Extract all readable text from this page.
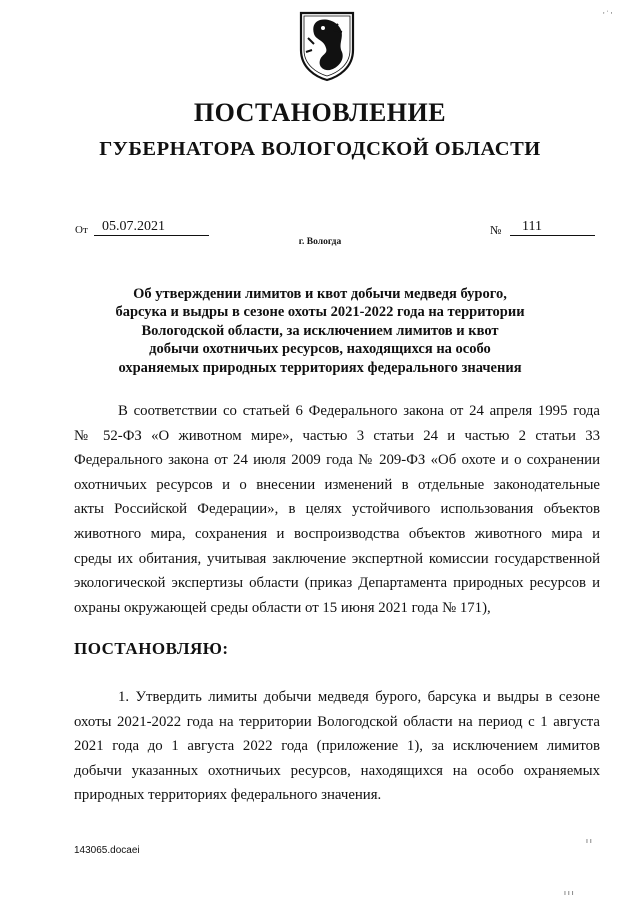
‚ · ‚
ПОСТАНОВЛЕНИЕ
ГУБЕРНАТОРА ВОЛОГОДСКОЙ ОБЛАСТИ
От	05.07.2021	№	111
г. Вологда
Об утверждении лимитов и квот добычи медведя бурого,
барсука и выдры в сезоне охоты 2021-2022 года на территории
Вологодской области, за исключением лимитов и квот
добычи охотничьих ресурсов, находящихся на особо
охраняемых природных территориях федерального значения
В соответствии со статьей 6 Федерального закона от 24 апреля 1995 года
№ 52-ФЗ «О животном мире», частью 3 статьи 24 и частью 2 статьи 33
Федерального закона от 24 июля 2009 года № 209-ФЗ «Об охоте и о сохранении
охотничьих ресурсов и о внесении изменений в отдельные законодательные
акты Российской Федерации», в целях устойчивого использования объектов
животного мира, сохранения и воспроизводства объектов животного мира и
среды их обитания, учитывая заключение экспертной комиссии государственной
экологической экспертизы области (приказ Департамента природных ресурсов и
охраны окружающей среды области от 15 июня 2021 года № 171),
ПОСТАНОВЛЯЮ:
1. Утвердить лимиты добычи медведя бурого, барсука и выдры в сезоне
охоты 2021-2022 года на территории Вологодской области на период с 1 августа
2021 года до 1 августа 2022 года (приложение 1), за исключением лимитов
добычи указанных охотничьих ресурсов, находящихся на особо охраняемых
природных территориях федерального значения.
ı ı
143065.docaei
ı ı ı
